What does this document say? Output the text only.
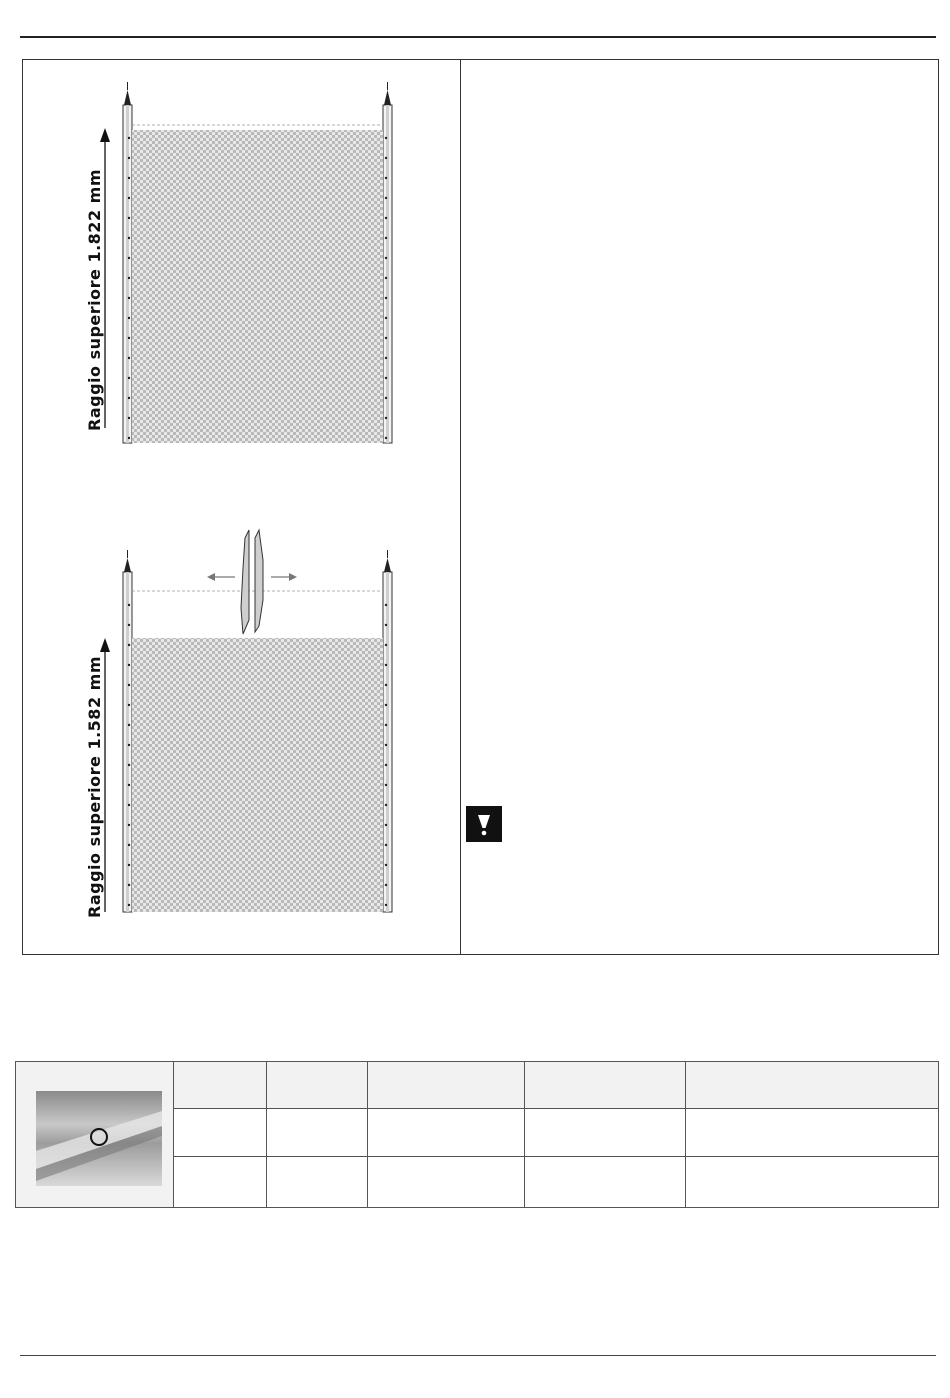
Raggio superiore 1.822 mm
Raggio superiore 1.582 mm
